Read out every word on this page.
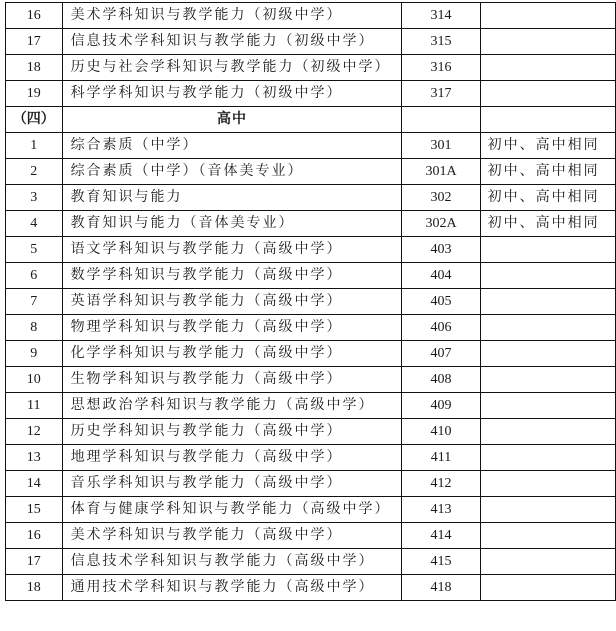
16	美术学科知识与教学能力（初级中学）	314	
17	信息技术学科知识与教学能力（初级中学）	315	
18	历史与社会学科知识与教学能力（初级中学）	316	
19	科学学科知识与教学能力（初级中学）	317	
（四）	高中		
1	综合素质（中学）	301	初中、高中相同
2	综合素质（中学）（音体美专业）	301A	初中、高中相同
3	教育知识与能力	302	初中、高中相同
4	教育知识与能力（音体美专业）	302A	初中、高中相同
5	语文学科知识与教学能力（高级中学）	403	
6	数学学科知识与教学能力（高级中学）	404	
7	英语学科知识与教学能力（高级中学）	405	
8	物理学科知识与教学能力（高级中学）	406	
9	化学学科知识与教学能力（高级中学）	407	
10	生物学科知识与教学能力（高级中学）	408	
11	思想政治学科知识与教学能力（高级中学）	409	
12	历史学科知识与教学能力（高级中学）	410	
13	地理学科知识与教学能力（高级中学）	411	
14	音乐学科知识与教学能力（高级中学）	412	
15	体育与健康学科知识与教学能力（高级中学）	413	
16	美术学科知识与教学能力（高级中学）	414	
17	信息技术学科知识与教学能力（高级中学）	415	
18	通用技术学科知识与教学能力（高级中学）	418	
